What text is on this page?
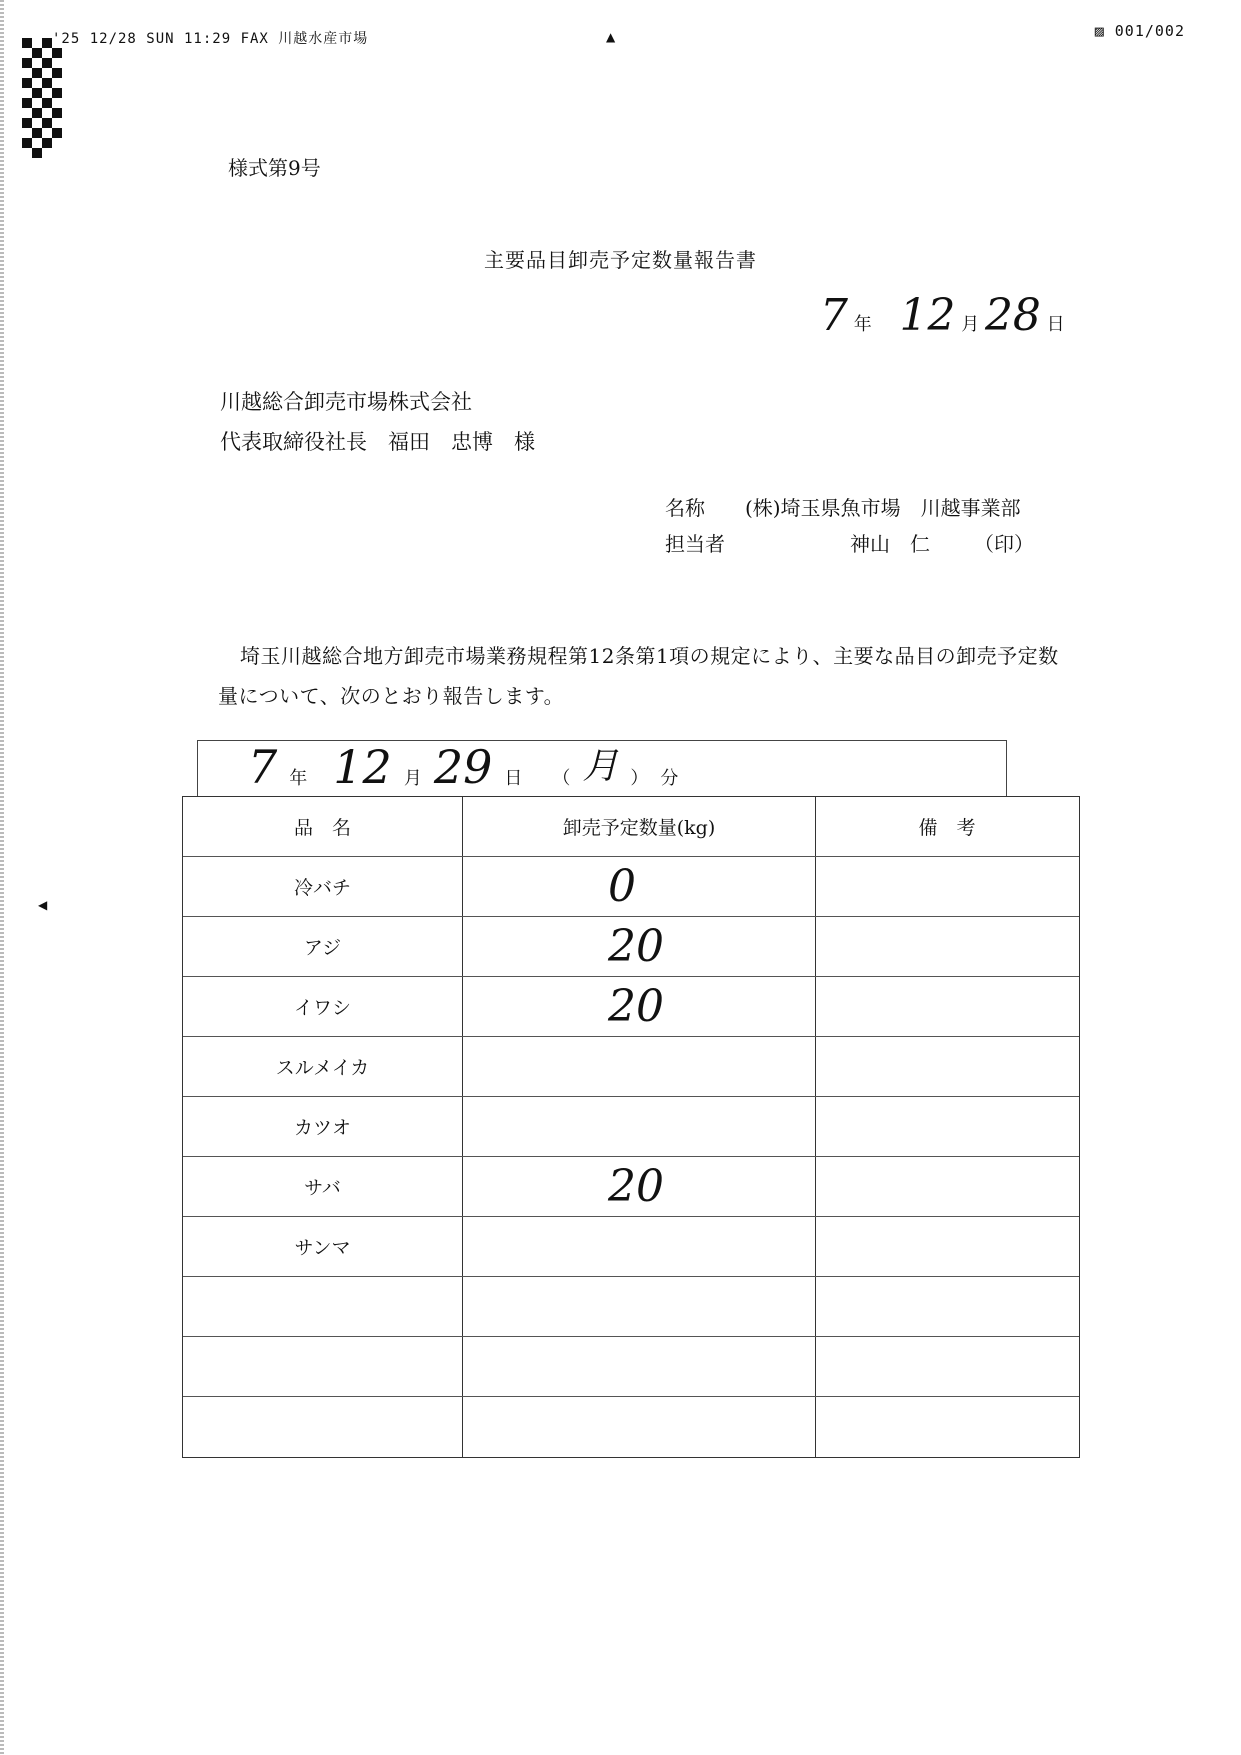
'25 12/28 SUN 11:29 FAX 川越水産市場	▲	▨ 001/002
◀
様式第9号
主要品目卸売予定数量報告書
7 年 12 月 28 日
川越総合卸売市場株式会社
代表取締役社長　福田　忠博　様
名称	(株)埼玉県魚市場　川越事業部
担当者	神山　仁 （印）
埼玉川越総合地方卸売市場業務規程第12条第1項の規定により、主要な品目の卸売予定数量について、次のとおり報告します。
7 年 12 月 29 日 （ 月 ） 分
品　名	卸売予定数量(kg)	備　考
冷バチ	0
アジ	20
イワシ	20
スルメイカ
カツオ
サバ	20
サンマ
